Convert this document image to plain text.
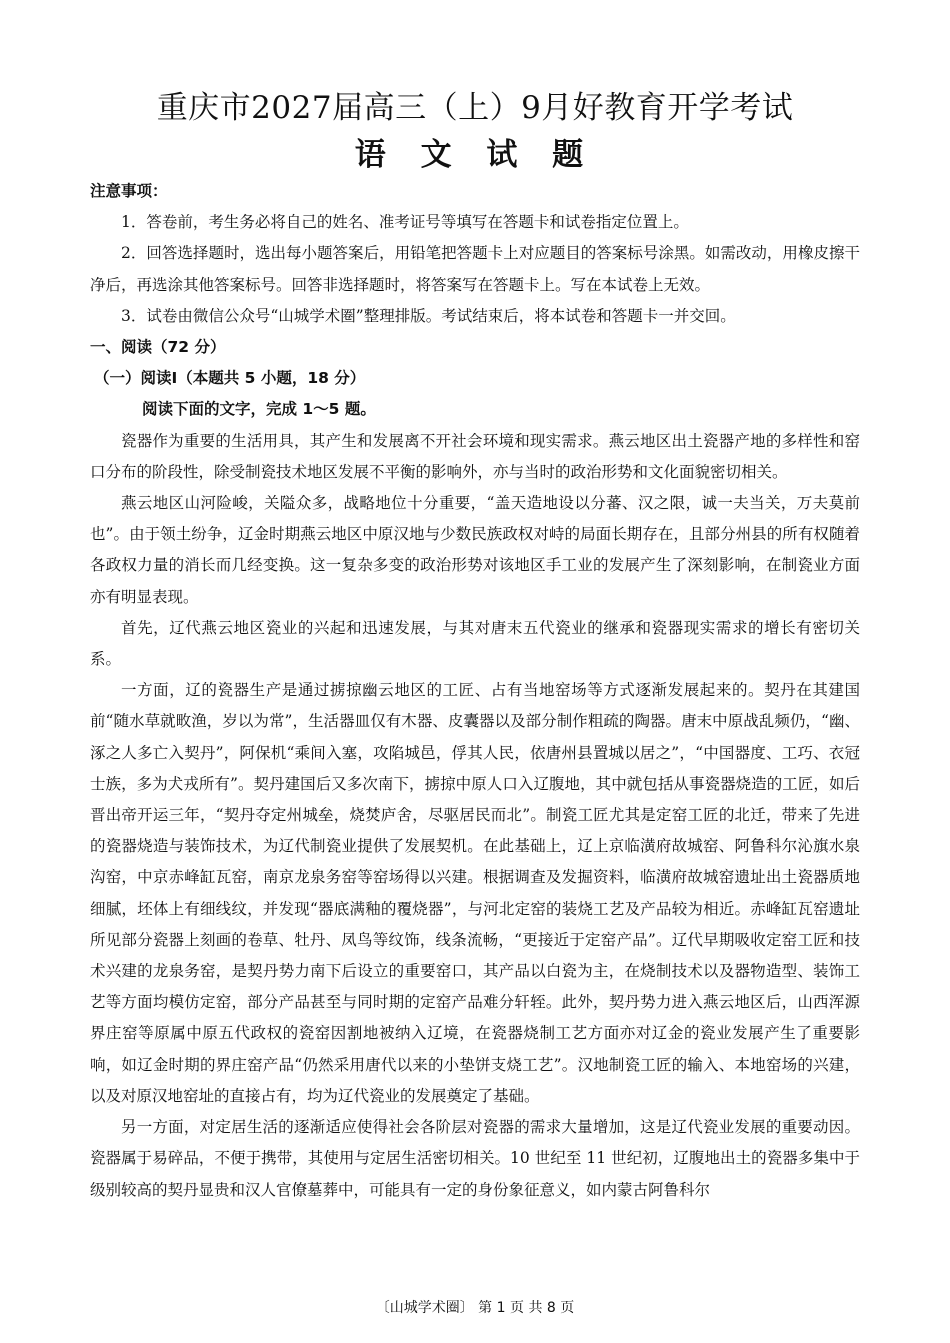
重庆市2027届高三（上）9月好教育开学考试
语 文 试 题

注意事项：

1．答卷前，考生务必将自己的姓名、准考证号等填写在答题卡和试卷指定位置上。

2．回答选择题时，选出每小题答案后，用铅笔把答题卡上对应题目的答案标号涂黑。如需改动，用橡皮擦干净后，再选涂其他答案标号。回答非选择题时，将答案写在答题卡上。写在本试卷上无效。

3．试卷由微信公众号“山城学术圈”整理排版。考试结束后，将本试卷和答题卡一并交回。

一、阅读（72 分）

（一）阅读Ⅰ（本题共 5 小题，18 分）

阅读下面的文字，完成 1～5 题。

瓷器作为重要的生活用具，其产生和发展离不开社会环境和现实需求。燕云地区出土瓷器产地的多样性和窑口分布的阶段性，除受制瓷技术地区发展不平衡的影响外，亦与当时的政治形势和文化面貌密切相关。

燕云地区山河险峻，关隘众多，战略地位十分重要，“盖天造地设以分蕃、汉之限，诚一夫当关，万夫莫前也”。由于领土纷争，辽金时期燕云地区中原汉地与少数民族政权对峙的局面长期存在，且部分州县的所有权随着各政权力量的消长而几经变换。这一复杂多变的政治形势对该地区手工业的发展产生了深刻影响，在制瓷业方面亦有明显表现。

首先，辽代燕云地区瓷业的兴起和迅速发展，与其对唐末五代瓷业的继承和瓷器现实需求的增长有密切关系。

一方面，辽的瓷器生产是通过掳掠幽云地区的工匠、占有当地窑场等方式逐渐发展起来的。契丹在其建国前“随水草就畋渔，岁以为常”，生活器皿仅有木器、皮囊器以及部分制作粗疏的陶器。唐末中原战乱频仍，“幽、涿之人多亡入契丹”，阿保机“乘间入塞，攻陷城邑，俘其人民，依唐州县置城以居之”，“中国器度、工巧、衣冠士族，多为犬戎所有”。契丹建国后又多次南下，掳掠中原人口入辽腹地，其中就包括从事瓷器烧造的工匠，如后晋出帝开运三年，“契丹夺定州城垒，烧焚庐舍，尽驱居民而北”。制瓷工匠尤其是定窑工匠的北迁，带来了先进的瓷器烧造与装饰技术，为辽代制瓷业提供了发展契机。在此基础上，辽上京临潢府故城窑、阿鲁科尔沁旗水泉沟窑，中京赤峰缸瓦窑，南京龙泉务窑等窑场得以兴建。根据调查及发掘资料，临潢府故城窑遗址出土瓷器质地细腻，坯体上有细线纹，并发现“器底满釉的覆烧器”，与河北定窑的装烧工艺及产品较为相近。赤峰缸瓦窑遗址所见部分瓷器上刻画的卷草、牡丹、凤鸟等纹饰，线条流畅，“更接近于定窑产品”。辽代早期吸收定窑工匠和技术兴建的龙泉务窑，是契丹势力南下后设立的重要窑口，其产品以白瓷为主，在烧制技术以及器物造型、装饰工艺等方面均模仿定窑，部分产品甚至与同时期的定窑产品难分轩轾。此外，契丹势力进入燕云地区后，山西浑源界庄窑等原属中原五代政权的瓷窑因割地被纳入辽境，在瓷器烧制工艺方面亦对辽金的瓷业发展产生了重要影响，如辽金时期的界庄窑产品“仍然采用唐代以来的小垫饼支烧工艺”。汉地制瓷工匠的输入、本地窑场的兴建，以及对原汉地窑址的直接占有，均为辽代瓷业的发展奠定了基础。

另一方面，对定居生活的逐渐适应使得社会各阶层对瓷器的需求大量增加，这是辽代瓷业发展的重要动因。瓷器属于易碎品，不便于携带，其使用与定居生活密切相关。10 世纪至 11 世纪初，辽腹地出土的瓷器多集中于级别较高的契丹显贵和汉人官僚墓葬中，可能具有一定的身份象征意义，如内蒙古阿鲁科尔

〔山城学术圈〕 第 1 页 共 8 页
